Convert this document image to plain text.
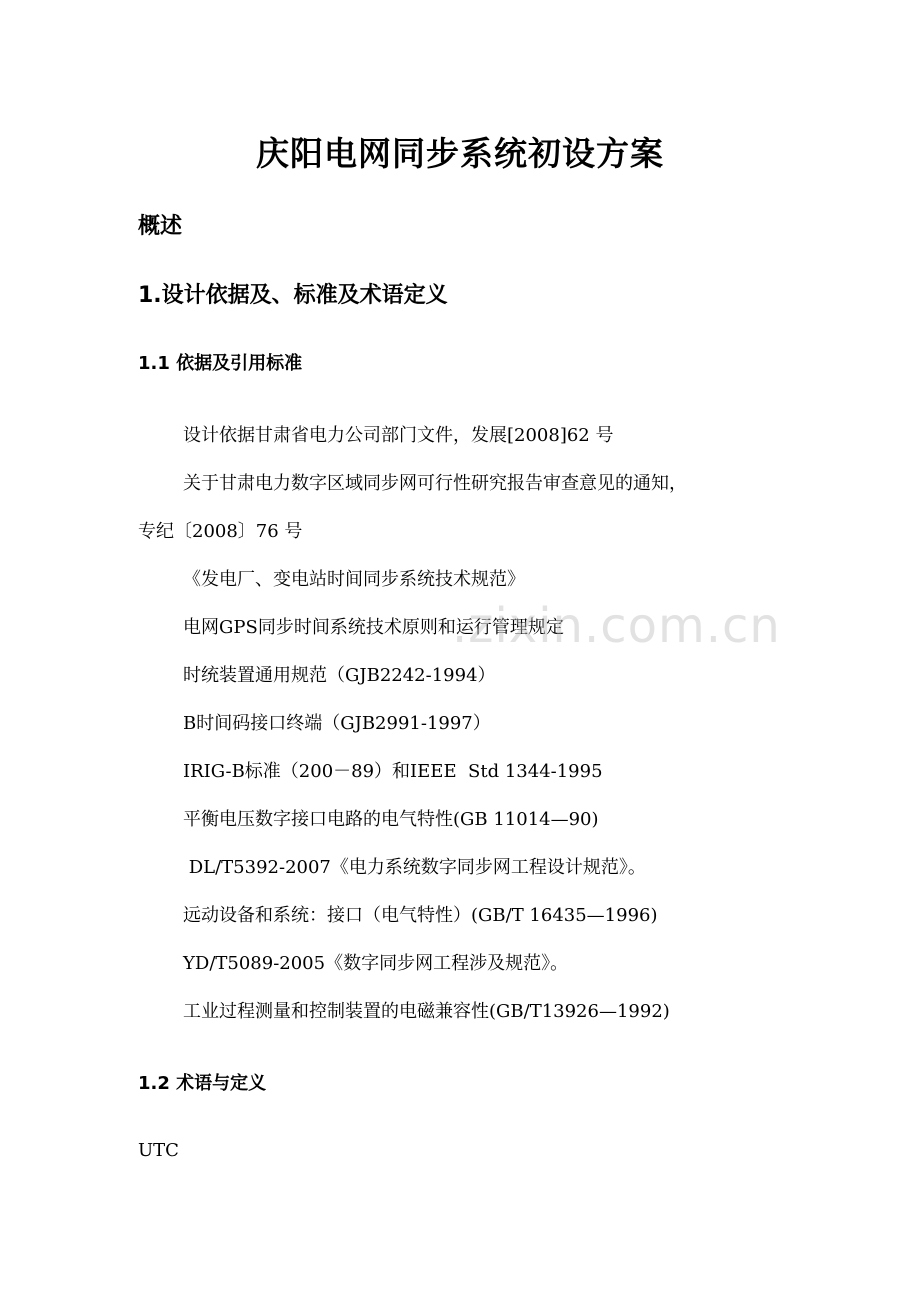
庆阳电网同步系统初设方案
概述
1.设计依据及、标准及术语定义
1.1 依据及引用标准
设计依据甘肃省电力公司部门文件，发展[2008]62 号
关于甘肃电力数字区域同步网可行性研究报告审查意见的通知，
专纪〔2008〕76 号
《发电厂、变电站时间同步系统技术规范》
电网GPS同步时间系统技术原则和运行管理规定
时统装置通用规范（GJB2242-1994）
B时间码接口终端（GJB2991-1997）
IRIG-B标准（200－89）和IEEE  Std 1344-1995
平衡电压数字接口电路的电气特性(GB 11014—90)
DL/T5392-2007《电力系统数字同步网工程设计规范》。
远动设备和系统：接口（电气特性）(GB/T 16435—1996)
YD/T5089-2005《数字同步网工程涉及规范》。
工业过程测量和控制装置的电磁兼容性(GB/T13926—1992)
1.2 术语与定义
UTC
.zixin.com.cn
